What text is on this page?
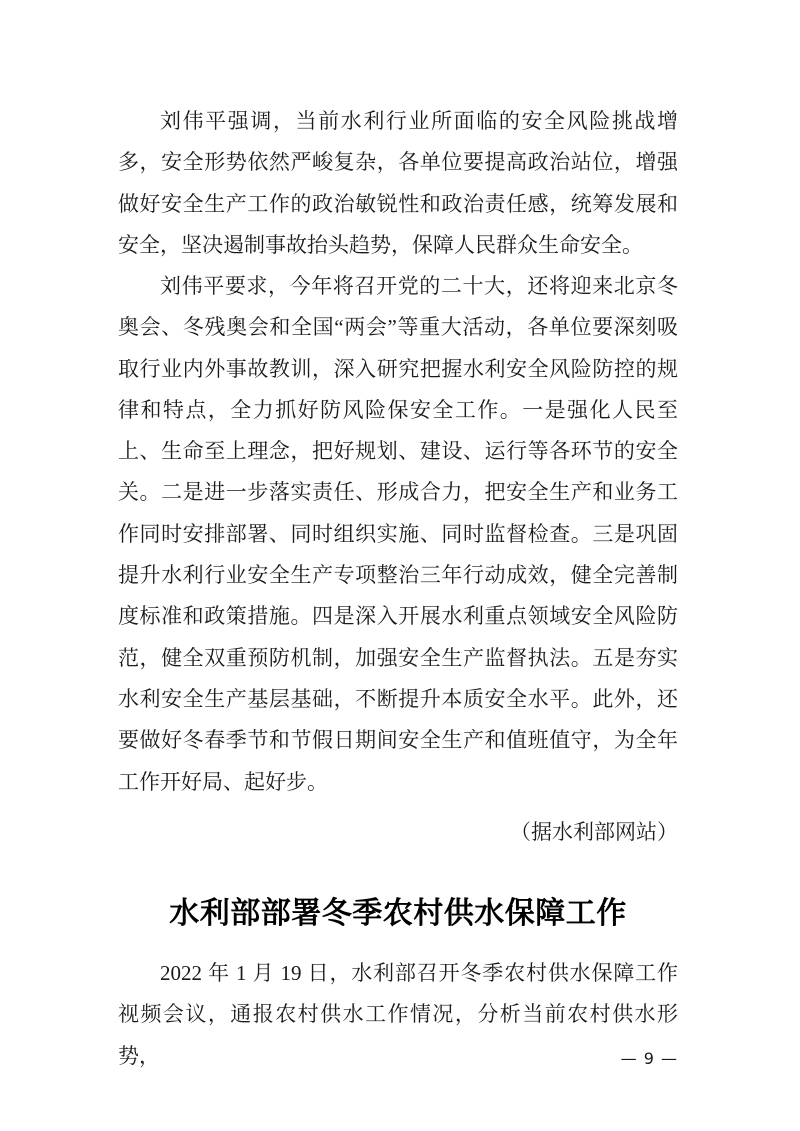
刘伟平强调，当前水利行业所面临的安全风险挑战增多，安全形势依然严峻复杂，各单位要提高政治站位，增强做好安全生产工作的政治敏锐性和政治责任感，统筹发展和安全，坚决遏制事故抬头趋势，保障人民群众生命安全。

刘伟平要求，今年将召开党的二十大，还将迎来北京冬奥会、冬残奥会和全国“两会”等重大活动，各单位要深刻吸取行业内外事故教训，深入研究把握水利安全风险防控的规律和特点，全力抓好防风险保安全工作。一是强化人民至上、生命至上理念，把好规划、建设、运行等各环节的安全关。二是进一步落实责任、形成合力，把安全生产和业务工作同时安排部署、同时组织实施、同时监督检查。三是巩固提升水利行业安全生产专项整治三年行动成效，健全完善制度标准和政策措施。四是深入开展水利重点领域安全风险防范，健全双重预防机制，加强安全生产监督执法。五是夯实水利安全生产基层基础，不断提升本质安全水平。此外，还要做好冬春季节和节假日期间安全生产和值班值守，为全年工作开好局、起好步。

（据水利部网站）

水利部部署冬季农村供水保障工作

2022 年 1 月 19 日，水利部召开冬季农村供水保障工作视频会议，通报农村供水工作情况，分析当前农村供水形势，	— 9 —
